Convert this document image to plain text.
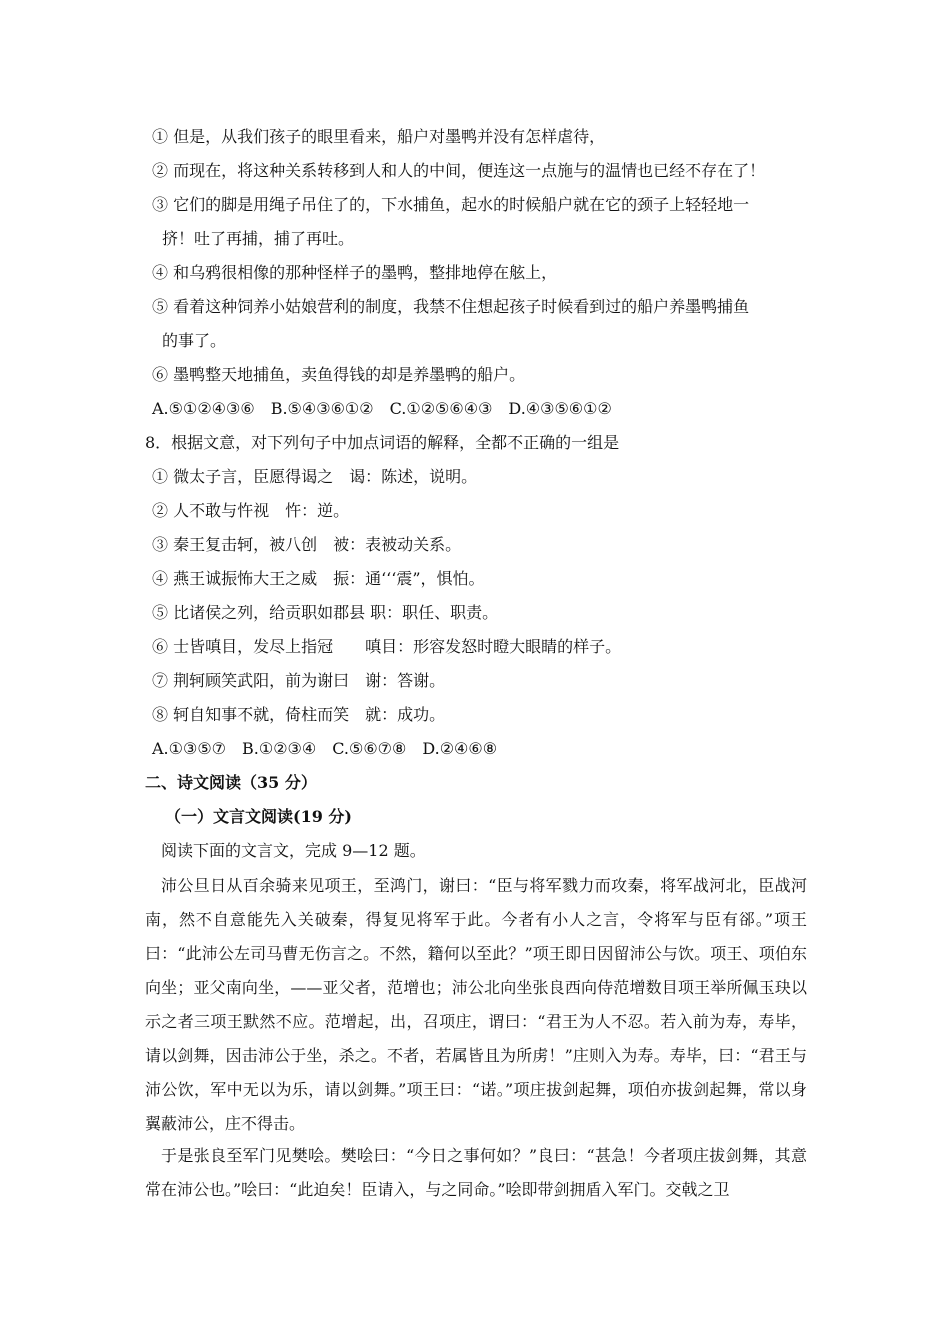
① 但是，从我们孩子的眼里看来，船户对墨鸭并没有怎样虐待，
② 而现在，将这种关系转移到人和人的中间，便连这一点施与的温情也已经不存在了！
③ 它们的脚是用绳子吊住了的，下水捕鱼，起水的时候船户就在它的颈子上轻轻地一
挤！吐了再捕，捕了再吐。
④ 和乌鸦很相像的那种怪样子的墨鸭，整排地停在舷上，
⑤ 看着这种饲养小姑娘营利的制度，我禁不住想起孩子时候看到过的船户养墨鸭捕鱼
的事了。
⑥ 墨鸭整天地捕鱼，卖鱼得钱的却是养墨鸭的船户。
A.⑤①②④③⑥　B.⑤④③⑥①②　C.①②⑤⑥④③　D.④③⑤⑥①②
8．根据文意，对下列句子中加点词语的解释，全都不正确的一组是
① 微太子言，臣愿得谒之　谒：陈述，说明。
② 人不敢与忤视　忤：逆。
③ 秦王复击轲，被八创　被：表被动关系。
④ 燕王诚振怖大王之威　振：通‘‘‘震”，惧怕。
⑤ 比诸侯之列，给贡职如郡县 职：职任、职责。
⑥ 士皆嗔目，发尽上指冠　　嗔目：形容发怒时瞪大眼睛的样子。
⑦ 荆轲顾笑武阳，前为谢曰　谢：答谢。
⑧ 轲自知事不就，倚柱而笑　就：成功。
A.①③⑤⑦　B.①②③④　C.⑤⑥⑦⑧　D.②④⑥⑧
二、诗文阅读（35 分）
（一）文言文阅读(19 分)
阅读下面的文言文，完成 9—12 题。
沛公旦日从百余骑来见项王，至鸿门，谢曰：“臣与将军戮力而攻秦，将军战河北，臣战河南，然不自意能先入关破秦，得复见将军于此。今者有小人之言，令将军与臣有郤。”项王曰：“此沛公左司马曹无伤言之。不然，籍何以至此？”项王即日因留沛公与饮。项王、项伯东向坐；亚父南向坐，——亚父者，范增也；沛公北向坐张良西向侍范增数目项王举所佩玉玦以示之者三项王默然不应。范增起，出，召项庄，谓曰：“君王为人不忍。若入前为寿，寿毕，请以剑舞，因击沛公于坐，杀之。不者，若属皆且为所虏！”庄则入为寿。寿毕，曰：“君王与沛公饮，军中无以为乐，请以剑舞。”项王曰：“诺。”项庄拔剑起舞，项伯亦拔剑起舞，常以身翼蔽沛公，庄不得击。
于是张良至军门见樊哙。樊哙曰：“今日之事何如？”良曰：“甚急！今者项庄拔剑舞，其意常在沛公也。”哙曰：“此迫矣！臣请入，与之同命。”哙即带剑拥盾入军门。交戟之卫
